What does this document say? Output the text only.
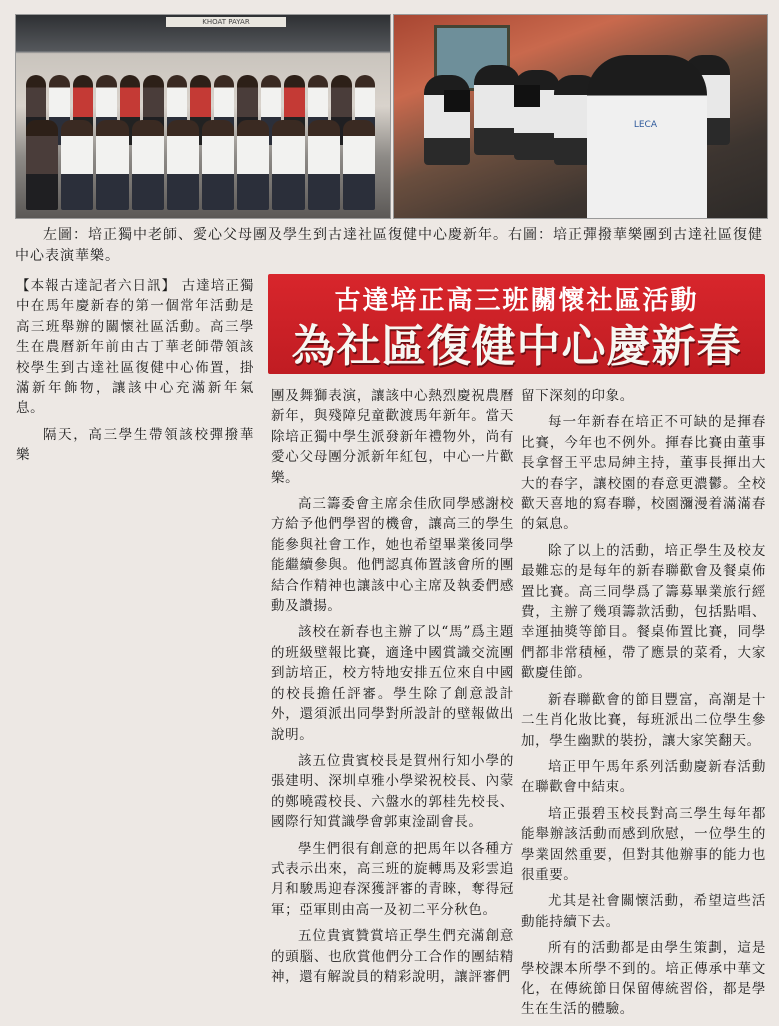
KHOAT PAYAR
LECA

左圖：培正獨中老師、愛心父母團及學生到古達社區復健中心慶新年。右圖：培正彈撥華樂團到古達社區復健中心表演華樂。

古達培正高三班關懷社區活動
為社區復健中心慶新春

【本報古達記者六日訊】 古達培正獨中在馬年慶新春的第一個常年活動是高三班舉辦的關懷社區活動。高三學生在農曆新年前由古丁華老師帶領該校學生到古達社區復健中心佈置，掛滿新年飾物，讓該中心充滿新年氣息。

隔天，高三學生帶領該校彈撥華樂

團及舞獅表演，讓該中心熱烈慶祝農曆新年，與殘障兒童歡渡馬年新年。當天除培正獨中學生派發新年禮物外，尚有愛心父母團分派新年紅包，中心一片歡樂。

高三籌委會主席余佳欣同學感謝校方給予他們學習的機會，讓高三的學生能參與社會工作，她也希望畢業後同學能繼續參與。他們認真佈置該會所的團結合作精神也讓該中心主席及執委們感動及讚揚。

該校在新春也主辦了以“馬”爲主題的班級壁報比賽，適逢中國賞識交流團到訪培正，校方特地安排五位來自中國的校長擔任評審。學生除了創意設計外，還須派出同學對所設計的壁報做出說明。

該五位貴賓校長是賀州行知小學的張建明、深圳卓雅小學梁祝校長、內蒙的鄭曉霞校長、六盤水的郭桂先校長、國際行知賞識學會郭東淦副會長。

學生們很有創意的把馬年以各種方式表示出來，高三班的旋轉馬及彩雲追月和駿馬迎春深獲評審的青睞，奪得冠軍；亞軍則由高一及初二平分秋色。

五位貴賓贊賞培正學生們充滿創意的頭腦、也欣賞他們分工合作的團結精神，還有解說員的精彩說明，讓評審們

留下深刻的印象。

每一年新春在培正不可缺的是揮春比賽，今年也不例外。揮春比賽由董事長拿督王平忠局紳主持，董事長揮出大大的春字，讓校園的春意更濃鬱。全校歡天喜地的寫春聯，校園瀰漫着滿滿春的氣息。

除了以上的活動，培正學生及校友最難忘的是每年的新春聯歡會及餐桌佈置比賽。高三同學爲了籌募畢業旅行經費，主辦了幾項籌款活動，包括點唱、幸運抽獎等節目。餐桌佈置比賽，同學們都非常積極，帶了應景的菜肴，大家歡慶佳節。

新春聯歡會的節目豐富，高潮是十二生肖化妝比賽，每班派出二位學生參加，學生幽默的裝扮，讓大家笑翻天。

培正甲午馬年系列活動慶新春活動在聯歡會中結束。

培正張碧玉校長對高三學生每年都能舉辦該活動而感到欣慰，一位學生的學業固然重要，但對其他辦事的能力也很重要。

尤其是社會關懷活動，希望這些活動能持續下去。

所有的活動都是由學生策劃，這是學校課本所學不到的。培正傳承中華文化，在傳統節日保留傳統習俗，都是學生在生活的體驗。
